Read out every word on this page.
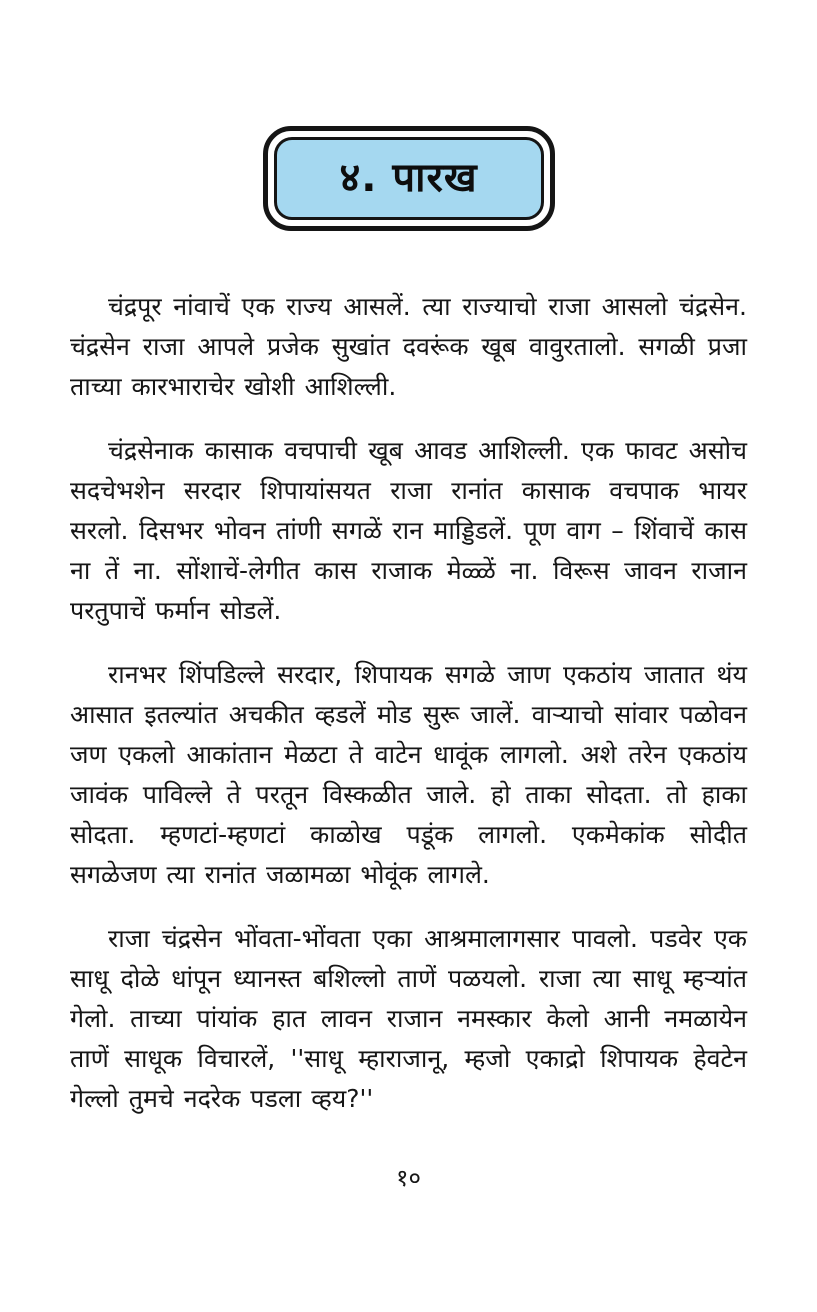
४. पारख

चंद्रपूर नांवाचें एक राज्य आसलें. त्या राज्याचो राजा आसलो चंद्रसेन. चंद्रसेन राजा आपले प्रजेक सुखांत दवरूंक खूब वावुरतालो. सगळी प्रजा ताच्या कारभाराचेर खोशी आशिल्ली.

चंद्रसेनाक कासाक वचपाची खूब आवड आशिल्ली. एक फावट असोच सदचेभशेन सरदार शिपायांसयत राजा रानांत कासाक वचपाक भायर सरलो. दिसभर भोवन तांणी सगळें रान माड्डिडलें. पूण वाग – शिंवाचें कास ना तें ना. सोंशाचें-लेगीत कास राजाक मेळ्ळें ना. विरूस जावन राजान परतुपाचें फर्मान सोडलें.

रानभर शिंपडिल्ले सरदार, शिपायक सगळे जाण एकठांय जातात थंय आसात इतल्यांत अचकीत व्हडलें मोड सुरू जालें. वाऱ्याचो सांवार पळोवन जण एकलो आकांतान मेळटा ते वाटेन धावूंक लागलो. अशे तरेन एकठांय जावंक पाविल्ले ते परतून विस्कळीत जाले. हो ताका सोदता. तो हाका सोदता. म्हणटां-म्हणटां काळोख पडूंक लागलो. एकमेकांक सोदीत सगळेजण त्या रानांत जळामळा भोवूंक लागले.

राजा चंद्रसेन भोंवता-भोंवता एका आश्रमालागसार पावलो. पडवेर एक साधू दोळे धांपून ध्यानस्त बशिल्लो ताणें पळयलो. राजा त्या साधू म्हऱ्यांत गेलो. ताच्या पांयांक हात लावन राजान नमस्कार केलो आनी नमळायेन ताणें साधूक विचारलें, ''साधू म्हाराजानू, म्हजो एकाद्रो शिपायक हेवटेन गेल्लो तुमचे नदरेक पडला व्हय?''

१०
